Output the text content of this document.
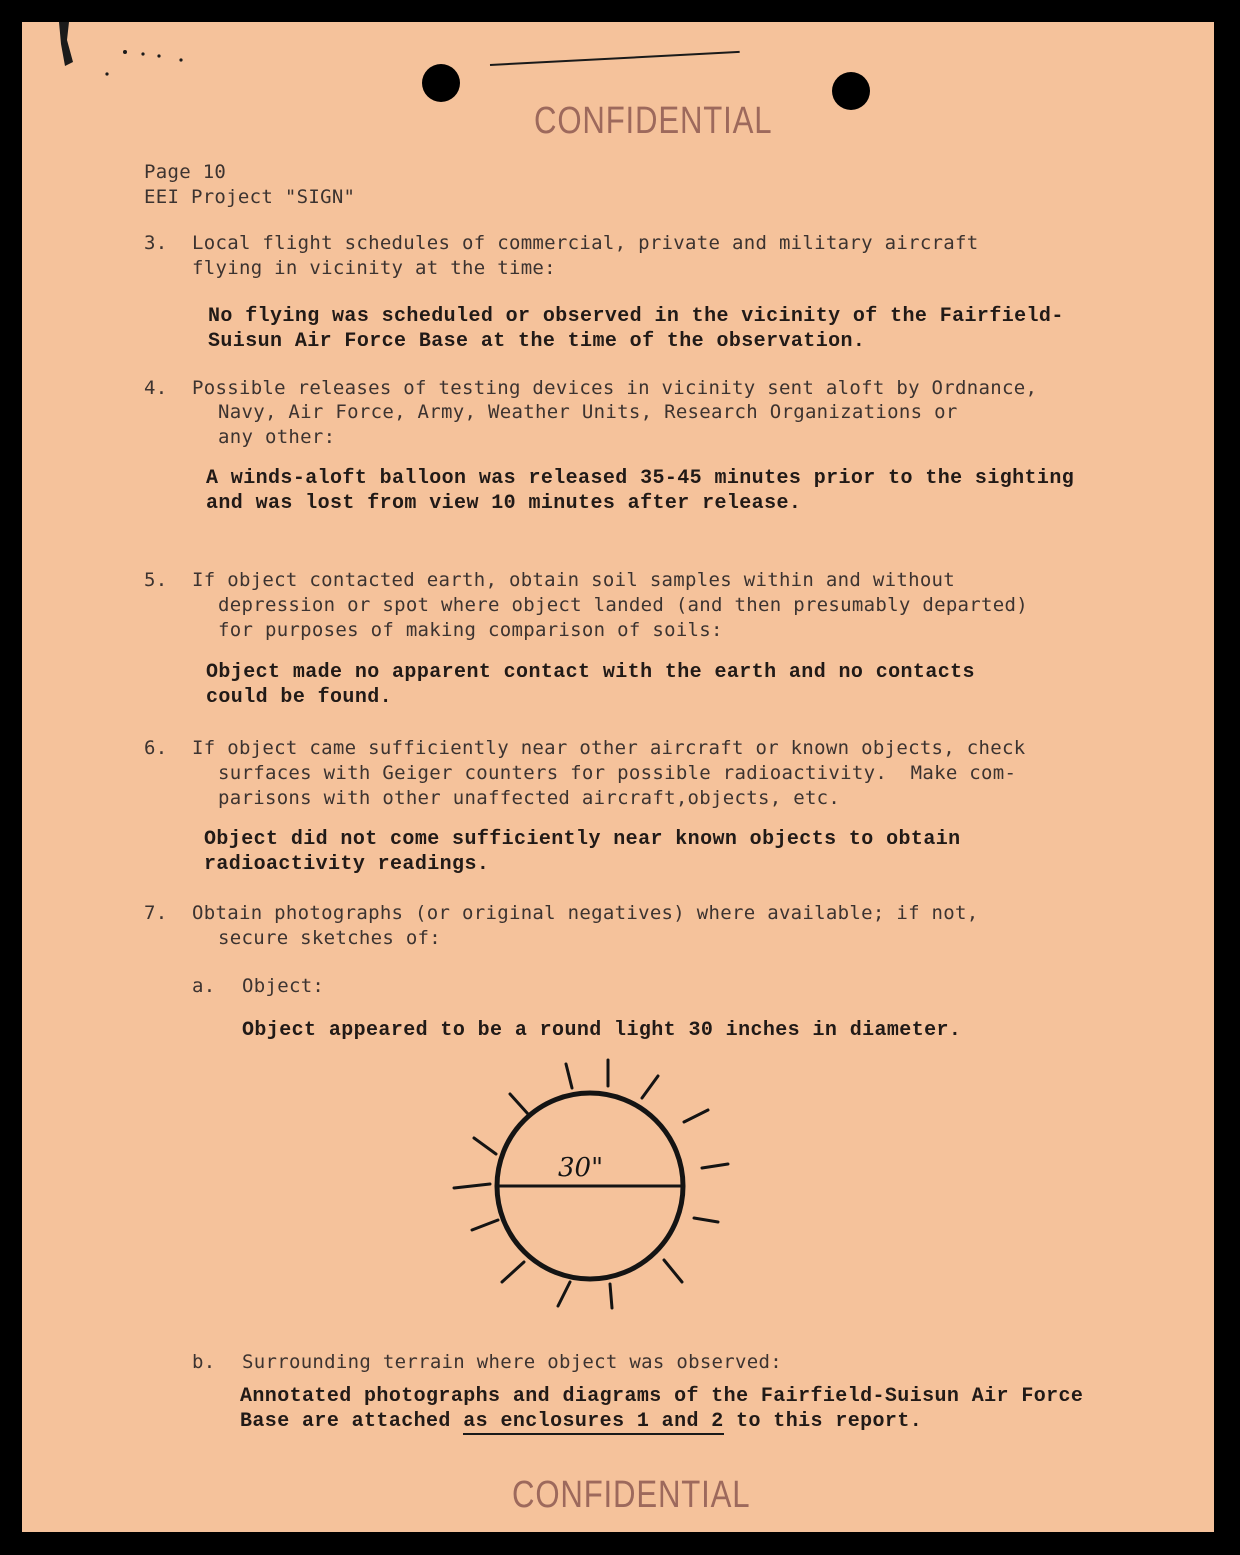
CONFIDENTIAL
Page 10
EEI Project "SIGN"
3. Local flight schedules of commercial, private and military aircraft
flying in vicinity at the time:
No flying was scheduled or observed in the vicinity of the Fairfield-
Suisun Air Force Base at the time of the observation.
4. Possible releases of testing devices in vicinity sent aloft by Ordnance,
Navy, Air Force, Army, Weather Units, Research Organizations or
any other:
A winds-aloft balloon was released 35-45 minutes prior to the sighting
and was lost from view 10 minutes after release.
5. If object contacted earth, obtain soil samples within and without
depression or spot where object landed (and then presumably departed)
for purposes of making comparison of soils:
Object made no apparent contact with the earth and no contacts
could be found.
6. If object came sufficiently near other aircraft or known objects, check
surfaces with Geiger counters for possible radioactivity.  Make com-
parisons with other unaffected aircraft,objects, etc.
Object did not come sufficiently near known objects to obtain
radioactivity readings.
7. Obtain photographs (or original negatives) where available; if not,
secure sketches of:
a. Object:
Object appeared to be a round light 30 inches in diameter.
30"
b. Surrounding terrain where object was observed:
Annotated photographs and diagrams of the Fairfield-Suisun Air Force
Base are attached as enclosures 1 and 2 to this report.
CONFIDENTIAL
